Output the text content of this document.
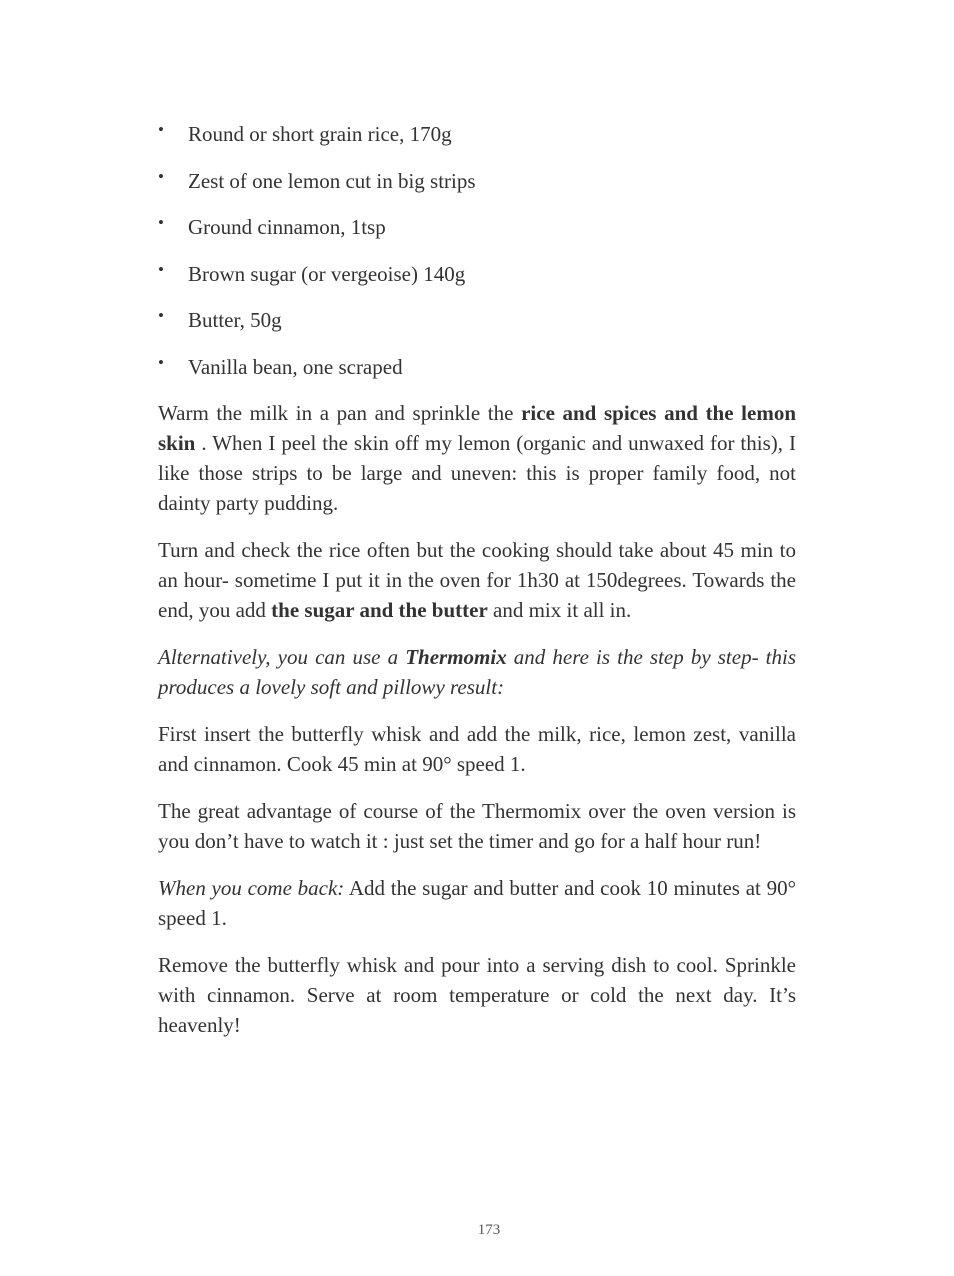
• Round or short grain rice, 170g
• Zest of one lemon cut in big strips
• Ground cinnamon, 1tsp
• Brown sugar (or vergeoise) 140g
• Butter, 50g
• Vanilla bean, one scraped

Warm the milk in a pan and sprinkle the rice and spices and the lemon skin . When I peel the skin off my lemon (organic and unwaxed for this), I like those strips to be large and uneven: this is proper family food, not dainty party pudding.

Turn and check the rice often but the cooking should take about 45 min to an hour- sometime I put it in the oven for 1h30 at 150degrees. Towards the end, you add the sugar and the butter and mix it all in.

Alternatively, you can use a Thermomix and here is the step by step- this produces a lovely soft and pillowy result:

First insert the butterfly whisk and add the milk, rice, lemon zest, vanilla and cinnamon. Cook 45 min at 90° speed 1.

The great advantage of course of the Thermomix over the oven version is you don’t have to watch it : just set the timer and go for a half hour run!

When you come back: Add the sugar and butter and cook 10 minutes at 90° speed 1.

Remove the butterfly whisk and pour into a serving dish to cool. Sprinkle with cinnamon. Serve at room temperature or cold the next day. It’s heavenly!

173
